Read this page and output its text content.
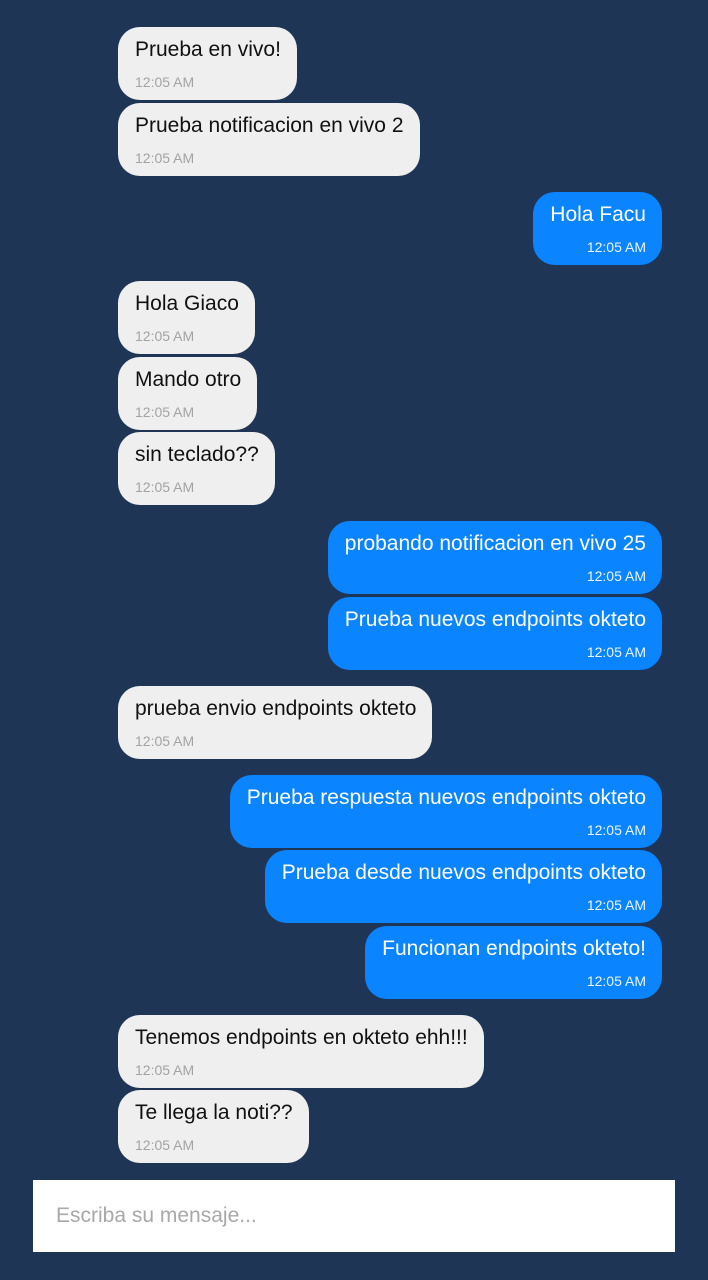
Prueba en vivo!
12:05 AM
Prueba notificacion en vivo 2
12:05 AM
Hola Facu
12:05 AM
Hola Giaco
12:05 AM
Mando otro
12:05 AM
sin teclado??
12:05 AM
probando notificacion en vivo 25
12:05 AM
Prueba nuevos endpoints okteto
12:05 AM
prueba envio endpoints okteto
12:05 AM
Prueba respuesta nuevos endpoints okteto
12:05 AM
Prueba desde nuevos endpoints okteto
12:05 AM
Funcionan endpoints okteto!
12:05 AM
Tenemos endpoints en okteto ehh!!!
12:05 AM
Te llega la noti??
12:05 AM
Escriba su mensaje...
